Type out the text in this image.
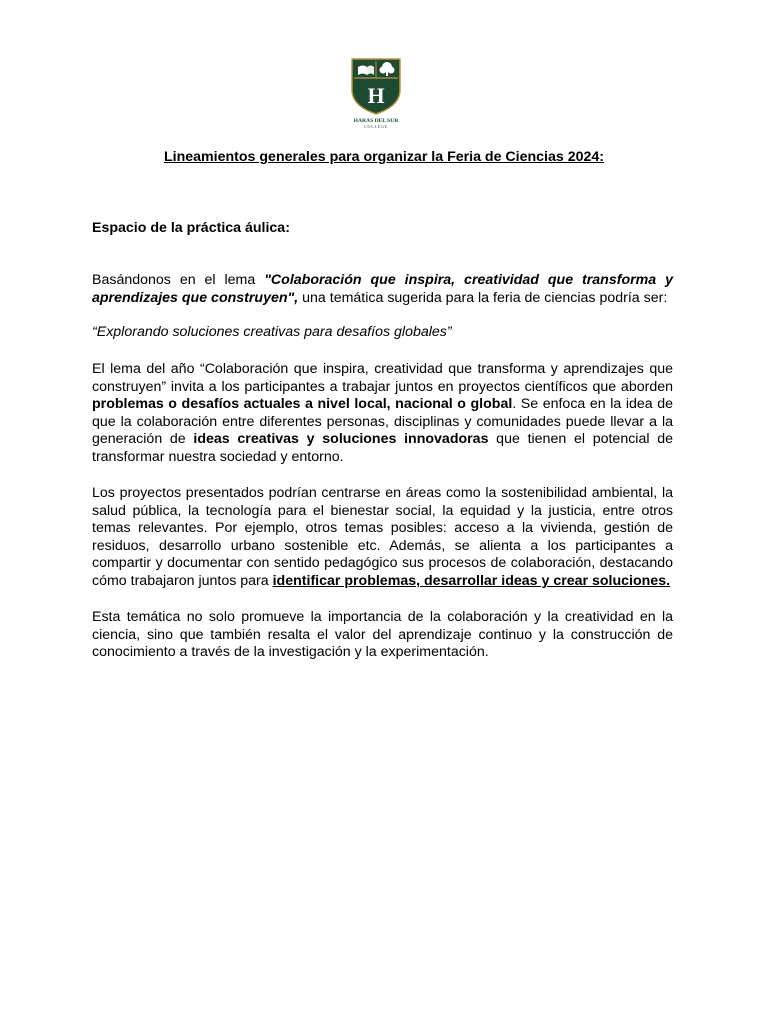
H
HARAS DEL SUR
COLLEGE
Lineamientos generales para organizar la Feria de Ciencias 2024:
Espacio de la práctica áulica:
Basándonos en el lema "Colaboración que inspira, creatividad que transforma y aprendizajes que construyen", una temática sugerida para la feria de ciencias podría ser:
“Explorando soluciones creativas para desafíos globales”
El lema del año “Colaboración que inspira, creatividad que transforma y aprendizajes que construyen” invita a los participantes a trabajar juntos en proyectos científicos que aborden problemas o desafíos actuales a nivel local, nacional o global. Se enfoca en la idea de que la colaboración entre diferentes personas, disciplinas y comunidades puede llevar a la generación de ideas creativas y soluciones innovadoras que tienen el potencial de transformar nuestra sociedad y entorno.
Los proyectos presentados podrían centrarse en áreas como la sostenibilidad ambiental, la salud pública, la tecnología para el bienestar social, la equidad y la justicia, entre otros temas relevantes. Por ejemplo, otros temas posibles: acceso a la vivienda, gestión de residuos, desarrollo urbano sostenible etc. Además, se alienta a los participantes a compartir y documentar con sentido pedagógico sus procesos de colaboración, destacando cómo trabajaron juntos para identificar problemas, desarrollar ideas y crear soluciones.
Esta temática no solo promueve la importancia de la colaboración y la creatividad en la ciencia, sino que también resalta el valor del aprendizaje continuo y la construcción de conocimiento a través de la investigación y la experimentación.
